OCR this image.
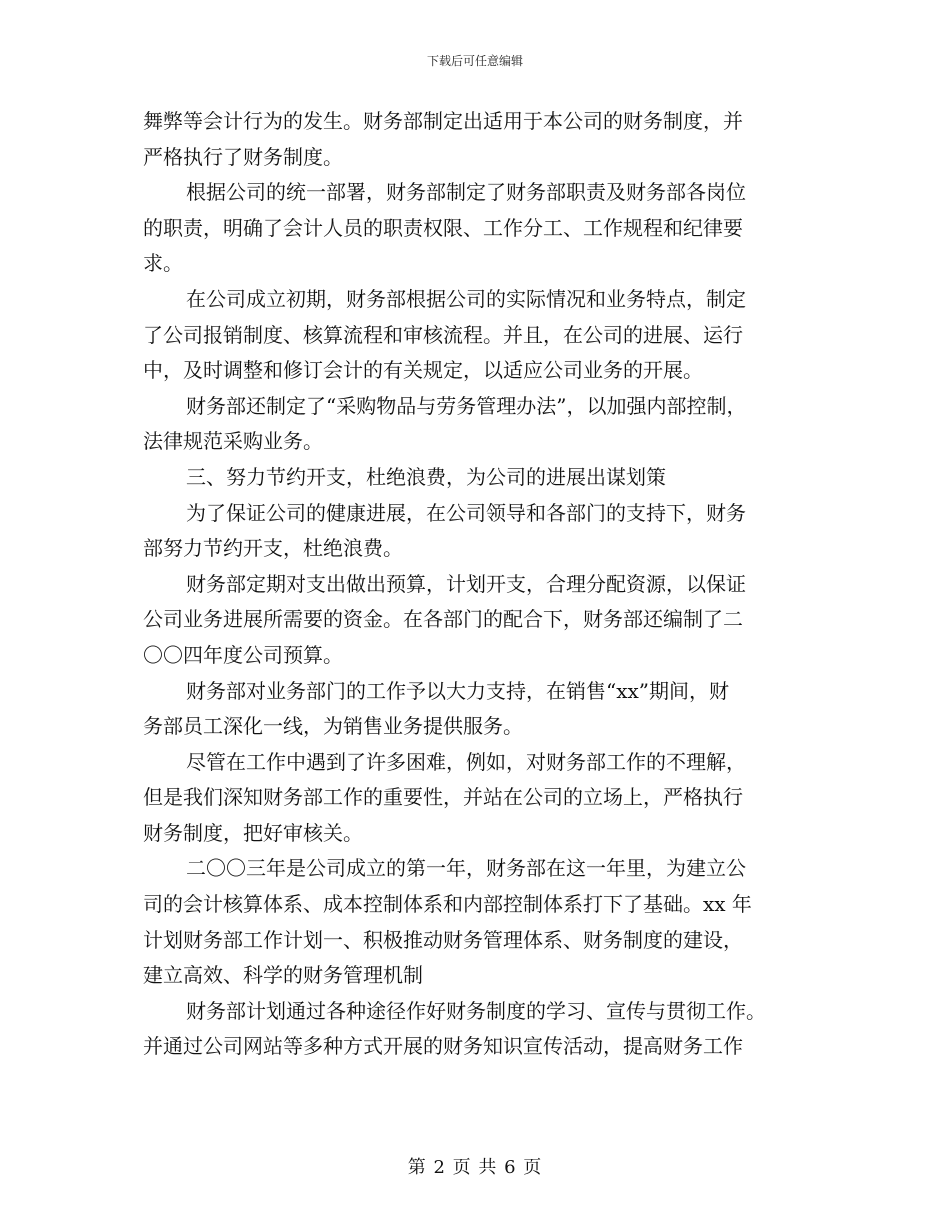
下载后可任意编辑
舞弊等会计行为的发生。财务部制定出适用于本公司的财务制度，并
严格执行了财务制度。
根据公司的统一部署，财务部制定了财务部职责及财务部各岗位
的职责，明确了会计人员的职责权限、工作分工、工作规程和纪律要
求。
在公司成立初期，财务部根据公司的实际情况和业务特点，制定
了公司报销制度、核算流程和审核流程。并且，在公司的进展、运行
中，及时调整和修订会计的有关规定，以适应公司业务的开展。
财务部还制定了“采购物品与劳务管理办法”，以加强内部控制，
法律规范采购业务。
三、努力节约开支，杜绝浪费，为公司的进展出谋划策
为了保证公司的健康进展，在公司领导和各部门的支持下，财务
部努力节约开支，杜绝浪费。
财务部定期对支出做出预算，计划开支，合理分配资源，以保证
公司业务进展所需要的资金。在各部门的配合下，财务部还编制了二
〇〇四年度公司预算。
财务部对业务部门的工作予以大力支持，在销售“xx”期间，财
务部员工深化一线，为销售业务提供服务。
尽管在工作中遇到了许多困难，例如，对财务部工作的不理解，
但是我们深知财务部工作的重要性，并站在公司的立场上，严格执行
财务制度，把好审核关。
二〇〇三年是公司成立的第一年，财务部在这一年里，为建立公
司的会计核算体系、成本控制体系和内部控制体系打下了基础。xx 年
计划财务部工作计划一、积极推动财务管理体系、财务制度的建设，
建立高效、科学的财务管理机制
财务部计划通过各种途径作好财务制度的学习、宣传与贯彻工作。
并通过公司网站等多种方式开展的财务知识宣传活动，提高财务工作
第 2 页 共 6 页
